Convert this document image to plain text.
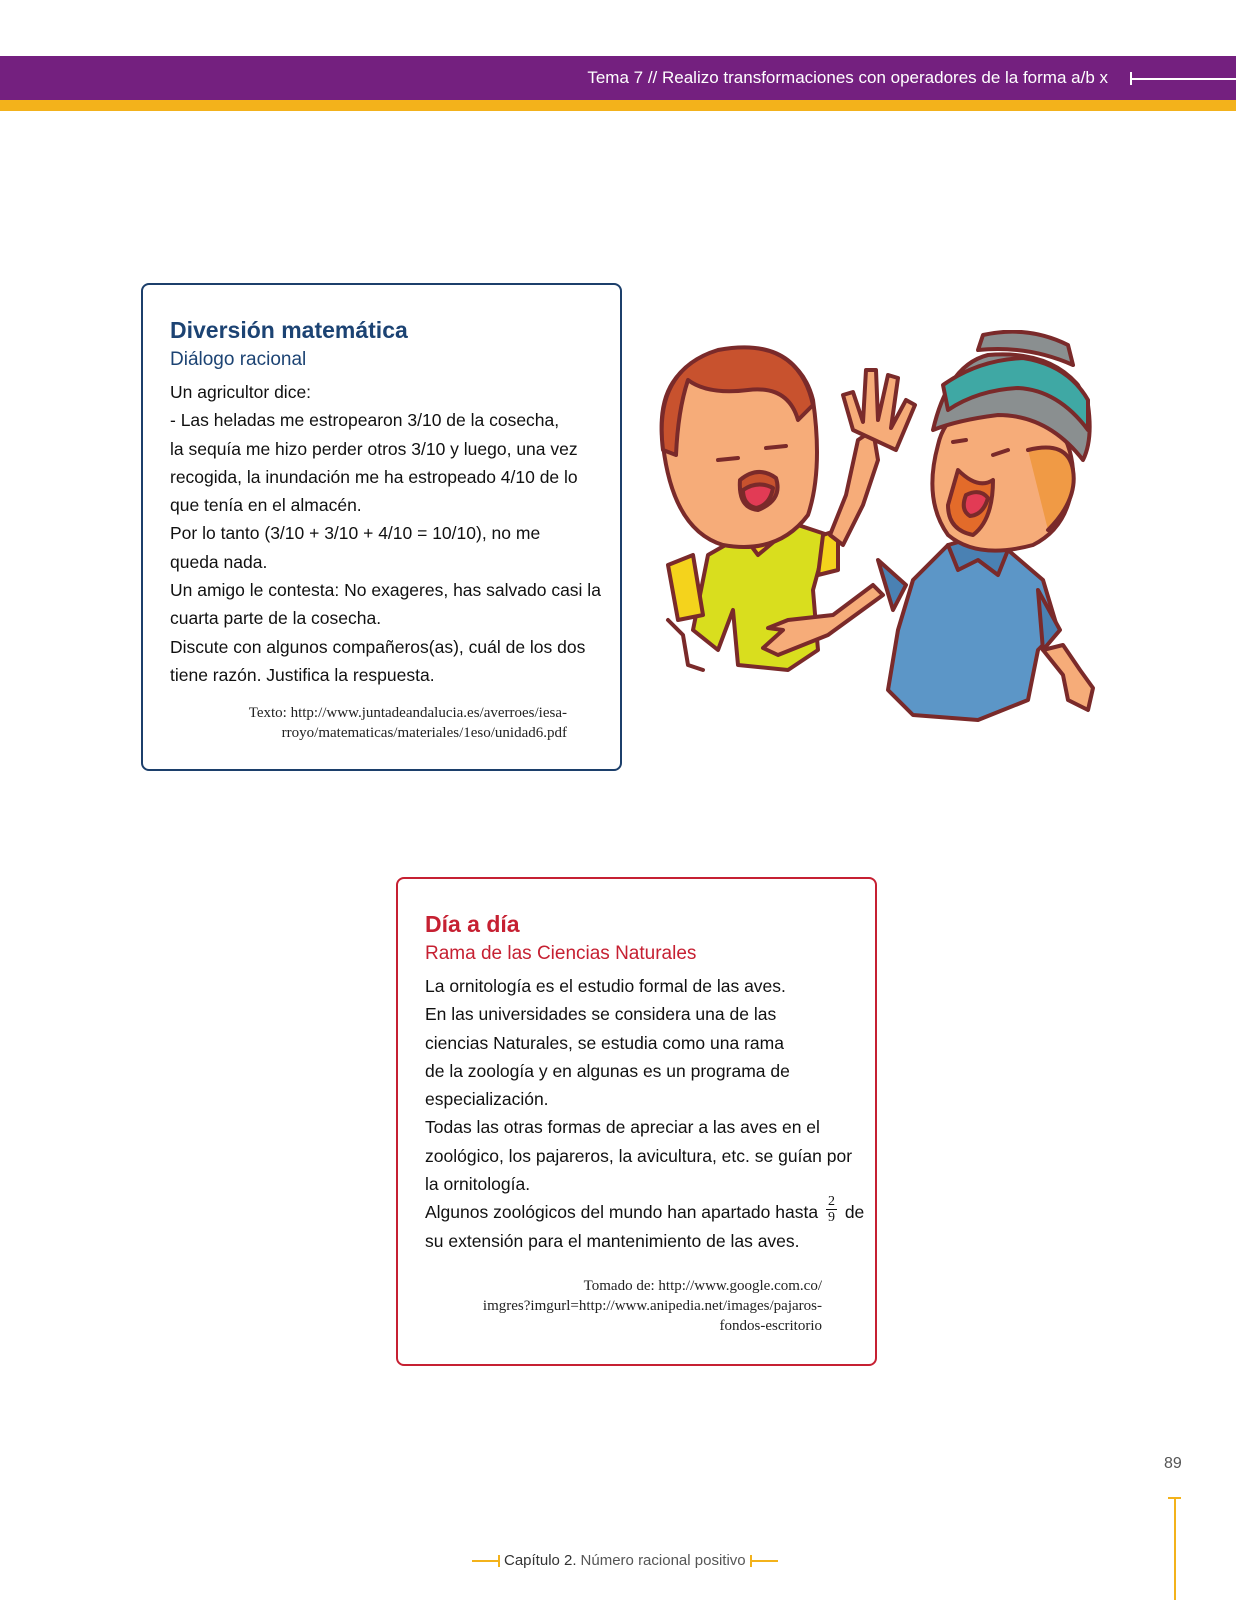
Tema 7 // Realizo transformaciones con operadores de la forma a/b x
Diversión matemática
Diálogo racional
Un agricultor dice:
- Las heladas me estropearon 3/10 de la cosecha,
la sequía me hizo perder otros 3/10 y luego, una vez
recogida, la inundación me ha estropeado 4/10 de lo
que tenía en el almacén.
Por lo tanto (3/10 + 3/10 + 4/10 = 10/10), no me
queda nada.
Un amigo le contesta: No exageres, has salvado casi la
cuarta parte de la cosecha.
Discute con algunos compañeros(as), cuál de los dos
tiene razón. Justifica la respuesta.
Texto: http://www.juntadeandalucia.es/averroes/iesa-
rroyo/matematicas/materiales/1eso/unidad6.pdf
Día a día
Rama de las Ciencias Naturales
La ornitología es el estudio formal de las aves.
En las universidades se considera una de las
ciencias Naturales, se estudia como una rama
de la zoología y en algunas es un programa de
especialización.
Todas las otras formas de apreciar a las aves en el
zoológico, los pajareros, la avicultura, etc. se guían por
la ornitología.
Algunos zoológicos del mundo han apartado hasta $\frac{2}{9}$ de
su extensión para el mantenimiento de las aves.
Tomado de: http://www.google.com.co/
imgres?imgurl=http://www.anipedia.net/images/pajaros-
fondos-escritorio
89
Capítulo 2. Número racional positivo
